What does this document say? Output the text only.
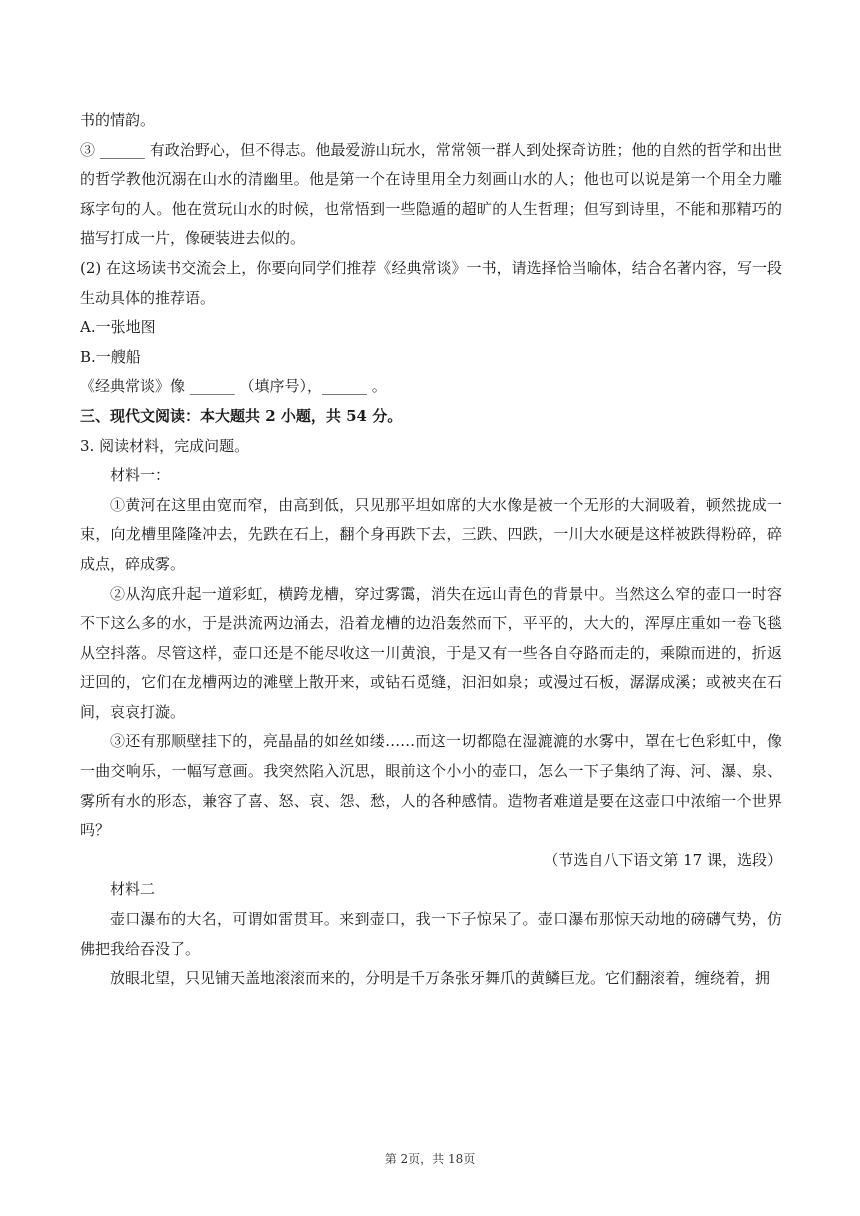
书的情韵。

③ ______ 有政治野心，但不得志。他最爱游山玩水，常常领一群人到处探奇访胜；他的自然的哲学和出世的哲学教他沉溺在山水的清幽里。他是第一个在诗里用全力刻画山水的人；他也可以说是第一个用全力雕琢字句的人。他在赏玩山水的时候，也常悟到一些隐遁的超旷的人生哲理；但写到诗里，不能和那精巧的描写打成一片，像硬装进去似的。

(2) 在这场读书交流会上，你要向同学们推荐《经典常谈》一书，请选择恰当喻体，结合名著内容，写一段生动具体的推荐语。

A.一张地图

B.一艘船

《经典常谈》像 ______ （填序号），______ 。

三、现代文阅读：本大题共 2 小题，共 54 分。

3. 阅读材料，完成问题。

材料一：

①黄河在这里由宽而窄，由高到低，只见那平坦如席的大水像是被一个无形的大洞吸着，顿然拢成一束，向龙槽里隆隆冲去，先跌在石上，翻个身再跌下去，三跌、四跌，一川大水硬是这样被跌得粉碎，碎成点，碎成雾。

②从沟底升起一道彩虹，横跨龙槽，穿过雾霭，消失在远山青色的背景中。当然这么窄的壶口一时容不下这么多的水，于是洪流两边涌去，沿着龙槽的边沿轰然而下，平平的，大大的，浑厚庄重如一卷飞毯从空抖落。尽管这样，壶口还是不能尽收这一川黄浪，于是又有一些各自夺路而走的，乘隙而进的，折返迂回的，它们在龙槽两边的滩壁上散开来，或钻石觅缝，汩汩如泉；或漫过石板，潺潺成溪；或被夹在石间，哀哀打漩。

③还有那顺壁挂下的，亮晶晶的如丝如缕……而这一切都隐在湿漉漉的水雾中，罩在七色彩虹中，像一曲交响乐，一幅写意画。我突然陷入沉思，眼前这个小小的壶口，怎么一下子集纳了海、河、瀑、泉、雾所有水的形态，兼容了喜、怒、哀、怨、愁，人的各种感情。造物者难道是要在这壶口中浓缩一个世界吗？

（节选自八下语文第 17 课，选段）

材料二

壶口瀑布的大名，可谓如雷贯耳。来到壶口，我一下子惊呆了。壶口瀑布那惊天动地的磅礴气势，仿佛把我给吞没了。

放眼北望，只见铺天盖地滚滚而来的，分明是千万条张牙舞爪的黄鳞巨龙。它们翻滚着，缠绕着，拥

第 2页，共 18页
